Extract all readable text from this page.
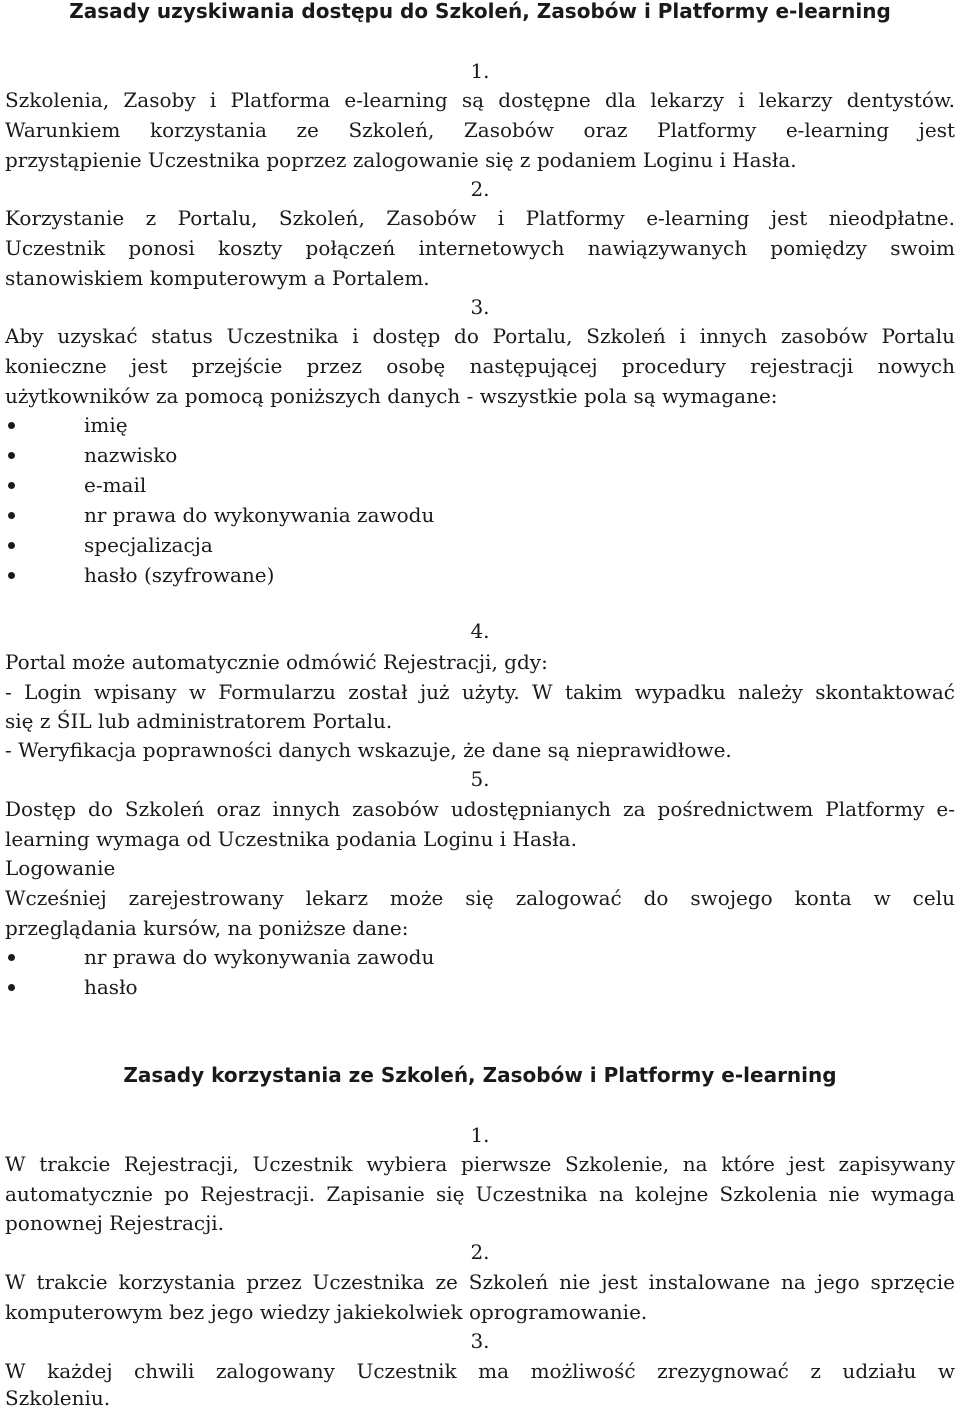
Zasady uzyskiwania dostępu do Szkoleń, Zasobów i Platformy e-learning
1.
Szkolenia, Zasoby i Platforma e-learning są dostępne dla lekarzy i lekarzy dentystów.
Warunkiem korzystania ze Szkoleń, Zasobów oraz Platformy e-learning jest
przystąpienie Uczestnika poprzez zalogowanie się z podaniem Loginu i Hasła.
2.
Korzystanie z Portalu, Szkoleń, Zasobów i Platformy e-learning jest nieodpłatne.
Uczestnik ponosi koszty połączeń internetowych nawiązywanych pomiędzy swoim
stanowiskiem komputerowym a Portalem.
3.
Aby uzyskać status Uczestnika i dostęp do Portalu, Szkoleń i innych zasobów Portalu
konieczne jest przejście przez osobę następującej procedury rejestracji nowych
użytkowników za pomocą poniższych danych - wszystkie pola są wymagane:
imię
nazwisko
e-mail
nr prawa do wykonywania zawodu
specjalizacja
hasło (szyfrowane)
4.
Portal może automatycznie odmówić Rejestracji, gdy:
- Login wpisany w Formularzu został już użyty. W takim wypadku należy skontaktować
się z ŚIL lub administratorem Portalu.
- Weryfikacja poprawności danych wskazuje, że dane są nieprawidłowe.
5.
Dostęp do Szkoleń oraz innych zasobów udostępnianych za pośrednictwem Platformy e-
learning wymaga od Uczestnika podania Loginu i Hasła.
Logowanie
Wcześniej zarejestrowany lekarz może się zalogować do swojego konta w celu
przeglądania kursów, na poniższe dane:
nr prawa do wykonywania zawodu
hasło
Zasady korzystania ze Szkoleń, Zasobów i Platformy e-learning
1.
W trakcie Rejestracji, Uczestnik wybiera pierwsze Szkolenie, na które jest zapisywany
automatycznie po Rejestracji. Zapisanie się Uczestnika na kolejne Szkolenia nie wymaga
ponownej Rejestracji.
2.
W trakcie korzystania przez Uczestnika ze Szkoleń nie jest instalowane na jego sprzęcie
komputerowym bez jego wiedzy jakiekolwiek oprogramowanie.
3.
W każdej chwili zalogowany Uczestnik ma możliwość zrezygnować z udziału w
Szkoleniu.
